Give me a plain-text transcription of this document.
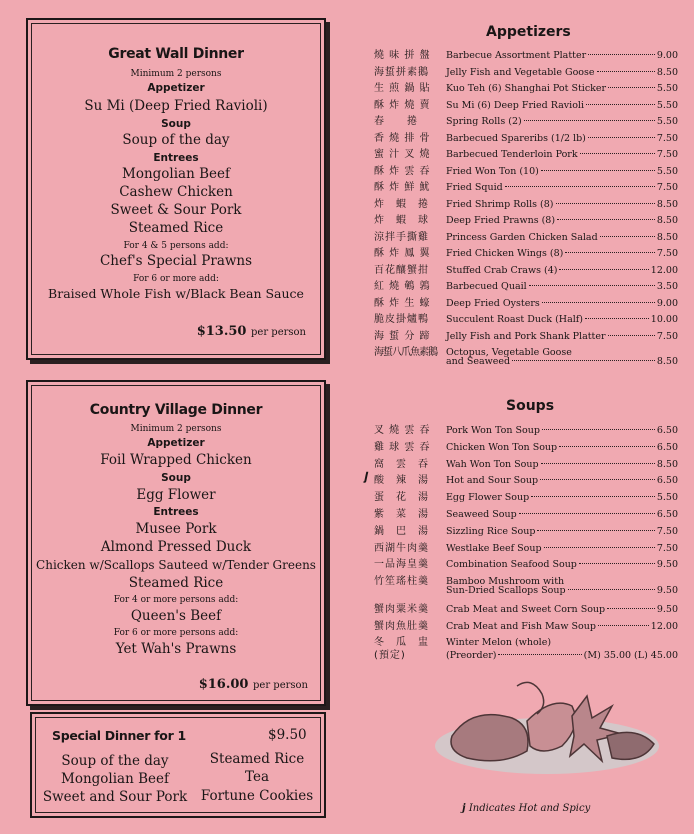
Great Wall Dinner
Minimum 2 persons
Appetizer
Su Mi (Deep Fried Ravioli)
Soup
Soup of the day
Entrees
Mongolian Beef
Cashew Chicken
Sweet & Sour Pork
Steamed Rice
For 4 & 5 persons add:
Chef's Special Prawns
For 6 or more add:
Braised Whole Fish w/Black Bean Sauce
$13.50 per person
Country Village Dinner
Minimum 2 persons
Appetizer
Foil Wrapped Chicken
Soup
Egg Flower
Entrees
Musee Pork
Almond Pressed Duck
Chicken w/Scallops Sauteed w/Tender Greens
Steamed Rice
For 4 or more persons add:
Queen's Beef
For 6 or more persons add:
Yet Wah's Prawns
$16.00 per person
Special Dinner for 1	$9.50
Soup of the day
Mongolian Beef
Sweet and Sour Pork
Steamed Rice
Tea
Fortune Cookies
Appetizers
燒 味 拼 盤	Barbecue Assortment Platter	9.00
海蜇拼素鵝	Jelly Fish and Vegetable Goose	8.50
生 煎 鍋 貼	Kuo Teh (6) Shanghai Pot Sticker	5.50
酥 炸 燒 賣	Su Mi (6) Deep Fried Ravioli	5.50
春　　捲	Spring Rolls (2)	5.50
香 燒 排 骨	Barbecued Spareribs (1/2 lb)	7.50
蜜 汁 叉 燒	Barbecued Tenderloin Pork	7.50
酥 炸 雲 吞	Fried Won Ton (10)	5.50
酥 炸 鮮 魷	Fried Squid	7.50
炸　蝦　捲	Fried Shrimp Rolls (8)	8.50
炸　蝦　球	Deep Fried Prawns (8)	8.50
涼拌手撕雞	Princess Garden Chicken Salad	8.50
酥 炸 鳳 翼	Fried Chicken Wings (8)	7.50
百花釀蟹拑	Stuffed Crab Craws (4)	12.00
紅 燒 鵪 鶉	Barbecued Quail	3.50
酥 炸 生 蠔	Deep Fried Oysters	9.00
脆皮掛爐鴨	Succulent Roast Duck (Half)	10.00
海 蜇 分 蹄	Jelly Fish and Pork Shank Platter	7.50
海蜇八爪魚素鵝 Octopus, Vegetable Goose
and Seaweed	8.50
Soups
叉 燒 雲 吞	Pork Won Ton Soup	6.50
雞 球 雲 吞	Chicken Won Ton Soup	6.50
窩　雲　吞	Wah Won Ton Soup	8.50
酸　辣　湯	Hot and Sour Soup	6.50
蛋　花　湯	Egg Flower Soup	5.50
紫　菜　湯	Seaweed Soup	6.50
鍋　巴　湯	Sizzling Rice Soup	7.50
西湖牛肉羹	Westlake Beef Soup	7.50
一品海皇羹	Combination Seafood Soup	9.50
𝒋
竹笙瑤柱羹	Bamboo Mushroom with
Sun-Dried Scallops Soup	9.50
蟹肉粟米羹	Crab Meat and Sweet Corn Soup	9.50
蟹肉魚肚羹	Crab Meat and Fish Maw Soup	12.00
冬　瓜　盅	Winter Melon (whole)
(預定)	(Preorder)	(M) 35.00 (L) 45.00
𝒋 Indicates Hot and Spicy
